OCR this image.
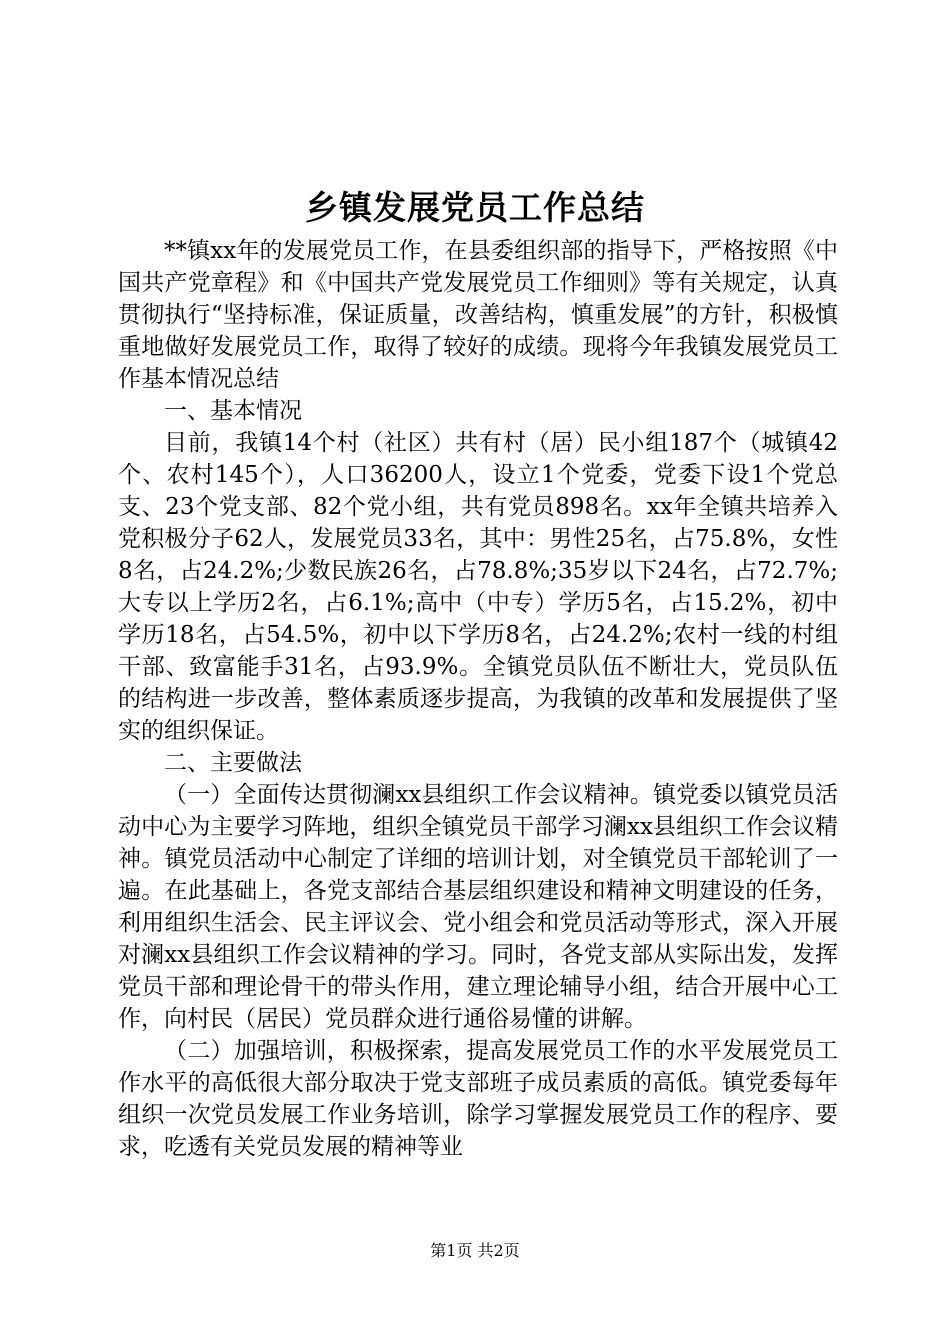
乡镇发展党员工作总结

**镇xx年的发展党员工作，在县委组织部的指导下，严格按照《中国共产党章程》和《中国共产党发展党员工作细则》等有关规定，认真贯彻执行“坚持标准，保证质量，改善结构，慎重发展”的方针，积极慎重地做好发展党员工作，取得了较好的成绩。现将今年我镇发展党员工作基本情况总结

一、基本情况

目前，我镇14个村（社区）共有村（居）民小组187个（城镇42个、农村145个），人口36200人，设立1个党委，党委下设1个党总支、23个党支部、82个党小组，共有党员898名。xx年全镇共培养入党积极分子62人，发展党员33名，其中：男性25名，占75.8%，女性8名，占24.2%;少数民族26名，占78.8%;35岁以下24名，占72.7%;大专以上学历2名，占6.1%;高中（中专）学历5名，占15.2%，初中学历18名，占54.5%，初中以下学历8名，占24.2%;农村一线的村组干部、致富能手31名，占93.9%。全镇党员队伍不断壮大，党员队伍的结构进一步改善，整体素质逐步提高，为我镇的改革和发展提供了坚实的组织保证。

二、主要做法

（一）全面传达贯彻澜xx县组织工作会议精神。镇党委以镇党员活动中心为主要学习阵地，组织全镇党员干部学习澜xx县组织工作会议精神。镇党员活动中心制定了详细的培训计划，对全镇党员干部轮训了一遍。在此基础上，各党支部结合基层组织建设和精神文明建设的任务，利用组织生活会、民主评议会、党小组会和党员活动等形式，深入开展对澜xx县组织工作会议精神的学习。同时，各党支部从实际出发，发挥党员干部和理论骨干的带头作用，建立理论辅导小组，结合开展中心工作，向村民（居民）党员群众进行通俗易懂的讲解。

（二）加强培训，积极探索，提高发展党员工作的水平发展党员工作水平的高低很大部分取决于党支部班子成员素质的高低。镇党委每年组织一次党员发展工作业务培训，除学习掌握发展党员工作的程序、要求，吃透有关党员发展的精神等业

第1页 共2页
